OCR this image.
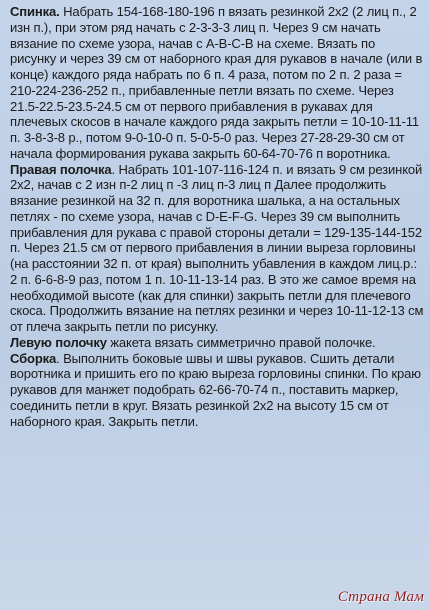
Спинка. Набрать 154-168-180-196 п вязать резинкой 2х2 (2 лиц п., 2 изн п.), при этом ряд начать с 2-3-3-3 лиц п. Через 9 см начать вязание по схеме узора, начав с A-B-C-B на схеме. Вязать по рисунку и через 39 см от наборного края для рукавов в начале (или в конце) каждого ряда набрать по 6 п. 4 раза, потом по 2 п. 2 раза = 210-224-236-252 п., прибавленные петли вязать по схеме. Через 21.5-22.5-23.5-24.5 см от первого прибавления в рукавах для плечевых скосов в начале каждого ряда закрыть петли = 10-10-11-11 п. 3-8-3-8 р., потом 9-0-10-0 п. 5-0-5-0 раз. Через 27-28-29-30 см от начала формирования рукава закрыть 60-64-70-76 п воротника.

Правая полочка. Набрать 101-107-116-124 п. и вязать 9 см резинкой 2х2, начав с 2 изн п-2 лиц п -3 лиц п-3 лиц п Далее продолжить вязание резинкой на 32 п. для воротника шалька, а на остальных петлях - по схеме узора, начав с D-E-F-G. Через 39 см выполнить прибавления для рукава с правой стороны детали = 129-135-144-152 п. Через 21.5 см от первого прибавления в линии выреза горловины (на расстоянии 32 п. от края) выполнить убавления в каждом лиц.р.: 2 п. 6-6-8-9 раз, потом 1 п. 10-11-13-14 раз. В это же самое время на необходимой высоте (как для спинки) закрыть петли для плечевого скоса. Продолжить вязание на петлях резинки и через 10-11-12-13 см от плеча закрыть петли по рисунку.

Левую полочку жакета вязать симметрично правой полочке.

Сборка. Выполнить боковые швы и швы рукавов. Сшить детали воротника и пришить его по краю выреза горловины спинки. По краю рукавов для манжет подобрать 62-66-70-74 п., поставить маркер, соединить петли в круг. Вязать резинкой 2х2 на высоту 15 см от наборного края. Закрыть петли.

Страна Мам
